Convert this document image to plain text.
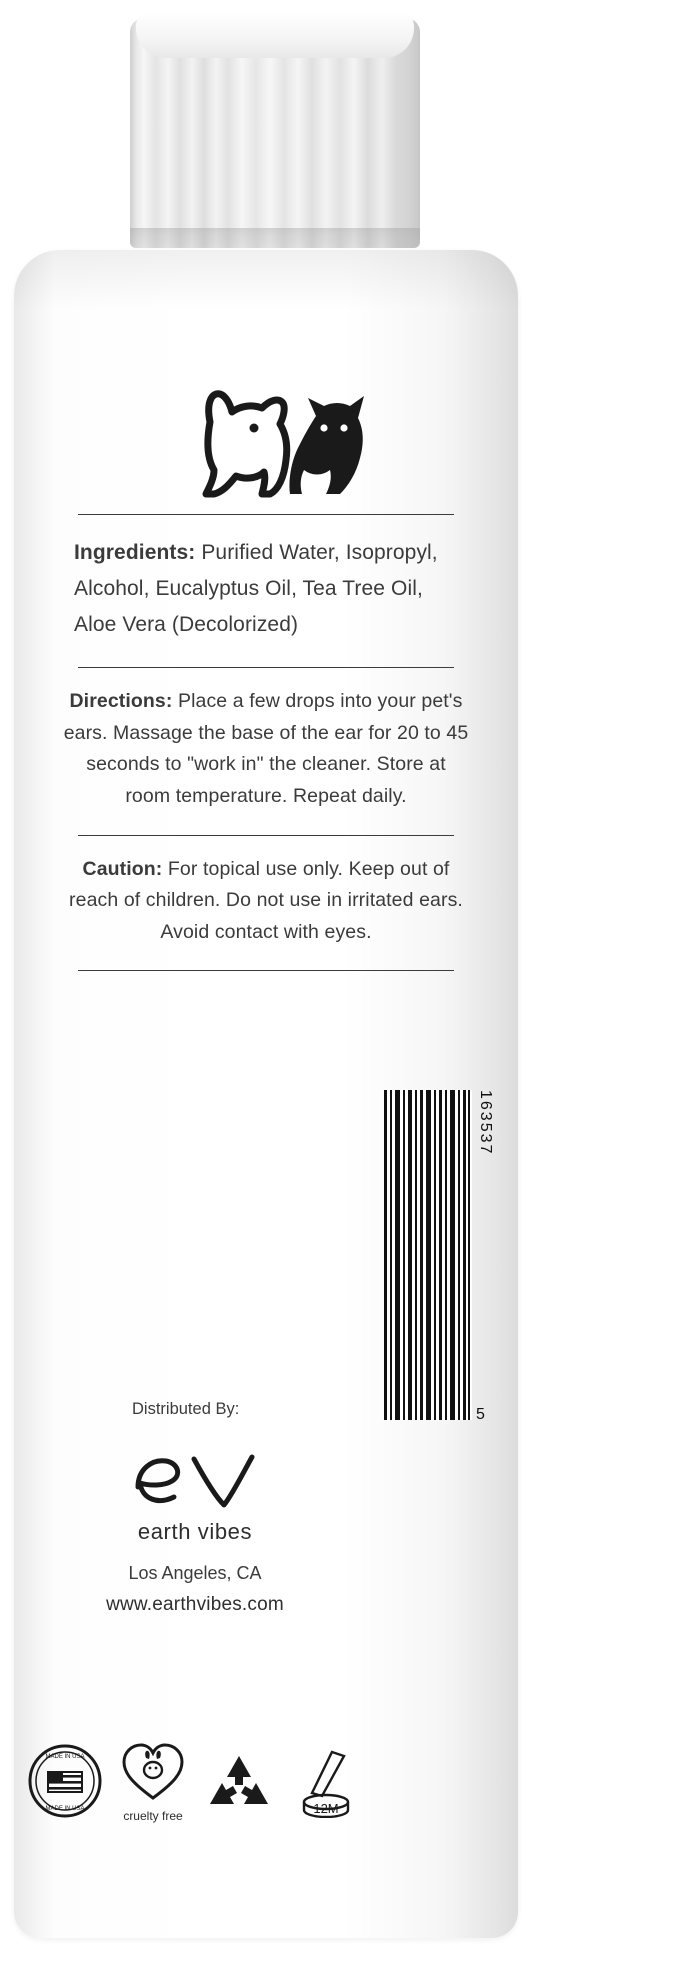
Ingredients: Purified Water, Isopropyl, Alcohol, Eucalyptus Oil, Tea Tree Oil, Aloe Vera (Decolorized)
Directions: Place a few drops into your pet's ears. Massage the base of the ear for 20 to 45 seconds to "work in" the cleaner. Store at room temperature. Repeat daily.
Caution: For topical use only. Keep out of reach of children. Do not use in irritated ears. Avoid contact with eyes.
Distributed By:
earth vibes
Los Angeles, CA
www.earthvibes.com
163537
5
MADE IN USA
MADE IN USA	cruelty free	12M
